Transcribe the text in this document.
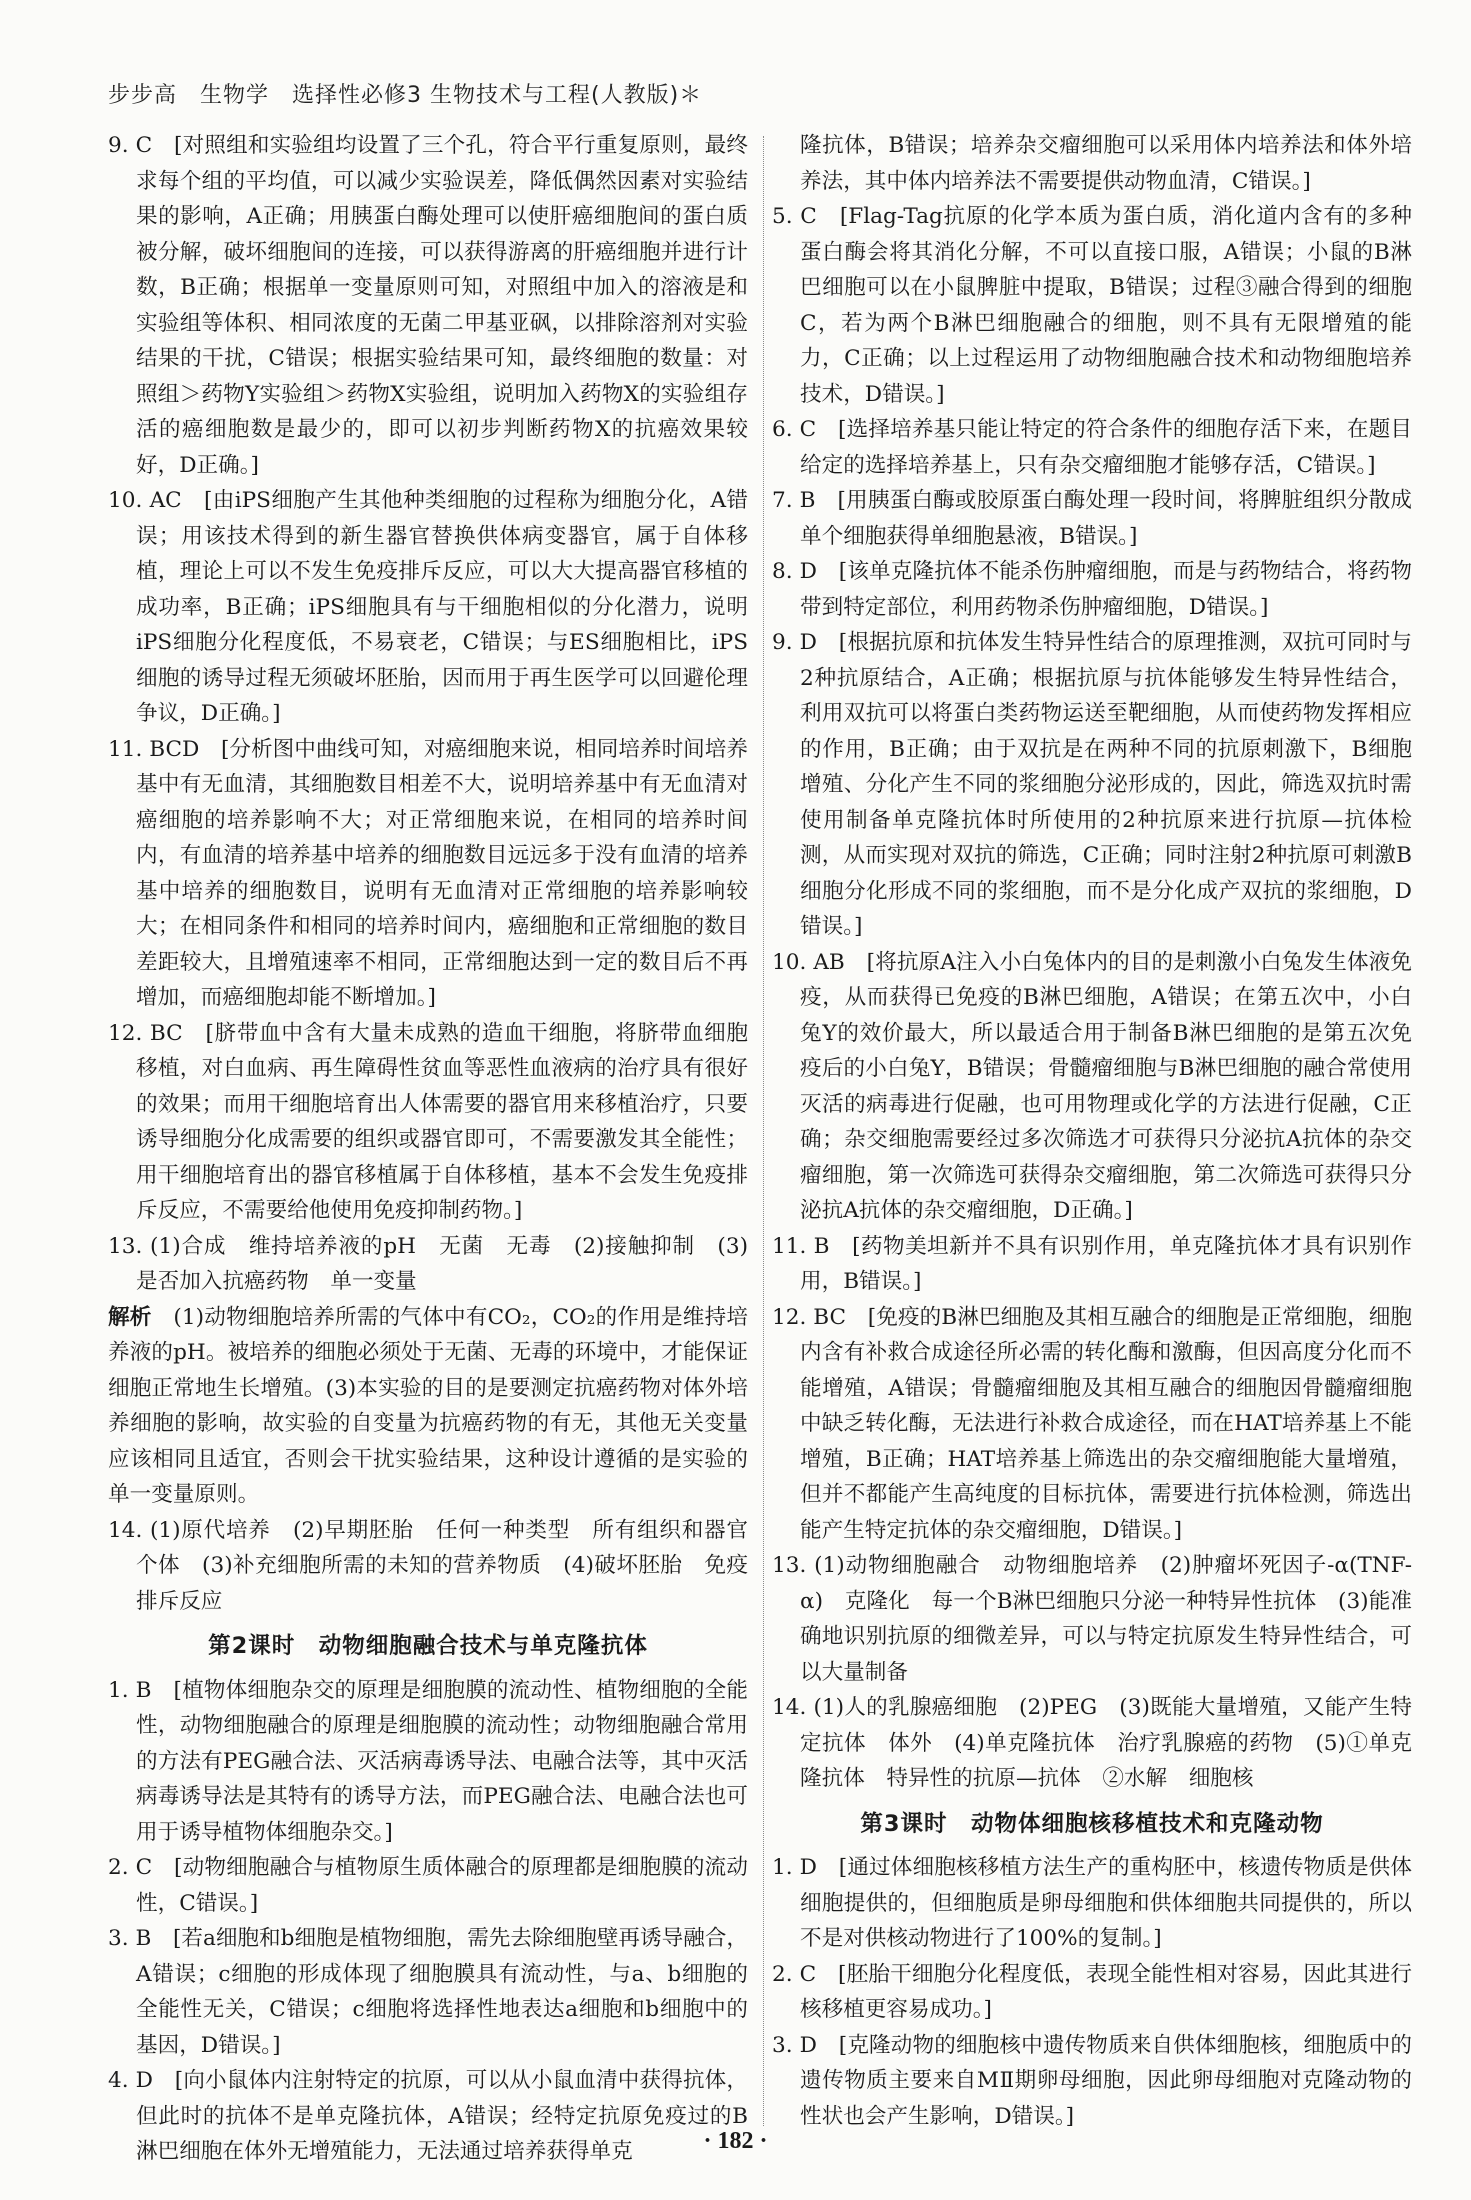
步步高　生物学　选择性必修3 生物技术与工程(人教版)＊

9. C　[对照组和实验组均设置了三个孔，符合平行重复原则，最终求每个组的平均值，可以减少实验误差，降低偶然因素对实验结果的影响，A正确；用胰蛋白酶处理可以使肝癌细胞间的蛋白质被分解，破坏细胞间的连接，可以获得游离的肝癌细胞并进行计数，B正确；根据单一变量原则可知，对照组中加入的溶液是和实验组等体积、相同浓度的无菌二甲基亚砜，以排除溶剂对实验结果的干扰，C错误；根据实验结果可知，最终细胞的数量：对照组＞药物Y实验组＞药物X实验组，说明加入药物X的实验组存活的癌细胞数是最少的，即可以初步判断药物X的抗癌效果较好，D正确。]

10. AC　[由iPS细胞产生其他种类细胞的过程称为细胞分化，A错误；用该技术得到的新生器官替换供体病变器官，属于自体移植，理论上可以不发生免疫排斥反应，可以大大提高器官移植的成功率，B正确；iPS细胞具有与干细胞相似的分化潜力，说明iPS细胞分化程度低，不易衰老，C错误；与ES细胞相比，iPS细胞的诱导过程无须破坏胚胎，因而用于再生医学可以回避伦理争议，D正确。]

11. BCD　[分析图中曲线可知，对癌细胞来说，相同培养时间培养基中有无血清，其细胞数目相差不大，说明培养基中有无血清对癌细胞的培养影响不大；对正常细胞来说，在相同的培养时间内，有血清的培养基中培养的细胞数目远远多于没有血清的培养基中培养的细胞数目，说明有无血清对正常细胞的培养影响较大；在相同条件和相同的培养时间内，癌细胞和正常细胞的数目差距较大，且增殖速率不相同，正常细胞达到一定的数目后不再增加，而癌细胞却能不断增加。]

12. BC　[脐带血中含有大量未成熟的造血干细胞，将脐带血细胞移植，对白血病、再生障碍性贫血等恶性血液病的治疗具有很好的效果；而用干细胞培育出人体需要的器官用来移植治疗，只要诱导细胞分化成需要的组织或器官即可，不需要激发其全能性；用干细胞培育出的器官移植属于自体移植，基本不会发生免疫排斥反应，不需要给他使用免疫抑制药物。]

13. (1)合成　维持培养液的pH　无菌　无毒　(2)接触抑制　(3)是否加入抗癌药物　单一变量

解析　 (1)动物细胞培养所需的气体中有CO₂，CO₂的作用是维持培养液的pH。被培养的细胞必须处于无菌、无毒的环境中，才能保证细胞正常地生长增殖。(3)本实验的目的是要测定抗癌药物对体外培养细胞的影响，故实验的自变量为抗癌药物的有无，其他无关变量应该相同且适宜，否则会干扰实验结果，这种设计遵循的是实验的单一变量原则。

14. (1)原代培养　(2)早期胚胎　任何一种类型　所有组织和器官　个体　(3)补充细胞所需的未知的营养物质　(4)破坏胚胎　免疫排斥反应

第2课时　动物细胞融合技术与单克隆抗体

1. B　[植物体细胞杂交的原理是细胞膜的流动性、植物细胞的全能性，动物细胞融合的原理是细胞膜的流动性；动物细胞融合常用的方法有PEG融合法、灭活病毒诱导法、电融合法等，其中灭活病毒诱导法是其特有的诱导方法，而PEG融合法、电融合法也可用于诱导植物体细胞杂交。]

2. C　[动物细胞融合与植物原生质体融合的原理都是细胞膜的流动性，C错误。]

3. B　[若a细胞和b细胞是植物细胞，需先去除细胞壁再诱导融合，A错误；c细胞的形成体现了细胞膜具有流动性，与a、b细胞的全能性无关，C错误；c细胞将选择性地表达a细胞和b细胞中的基因，D错误。]

4. D　[向小鼠体内注射特定的抗原，可以从小鼠血清中获得抗体，但此时的抗体不是单克隆抗体，A错误；经特定抗原免疫过的B淋巴细胞在体外无增殖能力，无法通过培养获得单克

隆抗体，B错误；培养杂交瘤细胞可以采用体内培养法和体外培养法，其中体内培养法不需要提供动物血清，C错误。]

5. C　[Flag-Tag抗原的化学本质为蛋白质，消化道内含有的多种蛋白酶会将其消化分解，不可以直接口服，A错误；小鼠的B淋巴细胞可以在小鼠脾脏中提取，B错误；过程③融合得到的细胞C，若为两个B淋巴细胞融合的细胞，则不具有无限增殖的能力，C正确；以上过程运用了动物细胞融合技术和动物细胞培养技术，D错误。]

6. C　[选择培养基只能让特定的符合条件的细胞存活下来，在题目给定的选择培养基上，只有杂交瘤细胞才能够存活，C错误。]

7. B　[用胰蛋白酶或胶原蛋白酶处理一段时间，将脾脏组织分散成单个细胞获得单细胞悬液，B错误。]

8. D　[该单克隆抗体不能杀伤肿瘤细胞，而是与药物结合，将药物带到特定部位，利用药物杀伤肿瘤细胞，D错误。]

9. D　[根据抗原和抗体发生特异性结合的原理推测，双抗可同时与2种抗原结合，A正确；根据抗原与抗体能够发生特异性结合，利用双抗可以将蛋白类药物运送至靶细胞，从而使药物发挥相应的作用，B正确；由于双抗是在两种不同的抗原刺激下，B细胞增殖、分化产生不同的浆细胞分泌形成的，因此，筛选双抗时需使用制备单克隆抗体时所使用的2种抗原来进行抗原—抗体检测，从而实现对双抗的筛选，C正确；同时注射2种抗原可刺激B细胞分化形成不同的浆细胞，而不是分化成产双抗的浆细胞，D错误。]

10. AB　[将抗原A注入小白兔体内的目的是刺激小白兔发生体液免疫，从而获得已免疫的B淋巴细胞，A错误；在第五次中，小白兔Y的效价最大，所以最适合用于制备B淋巴细胞的是第五次免疫后的小白兔Y，B错误；骨髓瘤细胞与B淋巴细胞的融合常使用灭活的病毒进行促融，也可用物理或化学的方法进行促融，C正确；杂交细胞需要经过多次筛选才可获得只分泌抗A抗体的杂交瘤细胞，第一次筛选可获得杂交瘤细胞，第二次筛选可获得只分泌抗A抗体的杂交瘤细胞，D正确。]

11. B　[药物美坦新并不具有识别作用，单克隆抗体才具有识别作用，B错误。]

12. BC　[免疫的B淋巴细胞及其相互融合的细胞是正常细胞，细胞内含有补救合成途径所必需的转化酶和激酶，但因高度分化而不能增殖，A错误；骨髓瘤细胞及其相互融合的细胞因骨髓瘤细胞中缺乏转化酶，无法进行补救合成途径，而在HAT培养基上不能增殖，B正确；HAT培养基上筛选出的杂交瘤细胞能大量增殖，但并不都能产生高纯度的目标抗体，需要进行抗体检测，筛选出能产生特定抗体的杂交瘤细胞，D错误。]

13. (1)动物细胞融合　动物细胞培养　(2)肿瘤坏死因子-α(TNF-α)　克隆化　每一个B淋巴细胞只分泌一种特异性抗体　(3)能准确地识别抗原的细微差异，可以与特定抗原发生特异性结合，可以大量制备

14. (1)人的乳腺癌细胞　(2)PEG　(3)既能大量增殖，又能产生特定抗体　体外　(4)单克隆抗体　治疗乳腺癌的药物　(5)①单克隆抗体　特异性的抗原—抗体　②水解　细胞核

第3课时　动物体细胞核移植技术和克隆动物

1. D　[通过体细胞核移植方法生产的重构胚中，核遗传物质是供体细胞提供的，但细胞质是卵母细胞和供体细胞共同提供的，所以不是对供核动物进行了100%的复制。]

2. C　[胚胎干细胞分化程度低，表现全能性相对容易，因此其进行核移植更容易成功。]

3. D　[克隆动物的细胞核中遗传物质来自供体细胞核，细胞质中的遗传物质主要来自MⅡ期卵母细胞，因此卵母细胞对克隆动物的性状也会产生影响，D错误。]

· 182 ·
